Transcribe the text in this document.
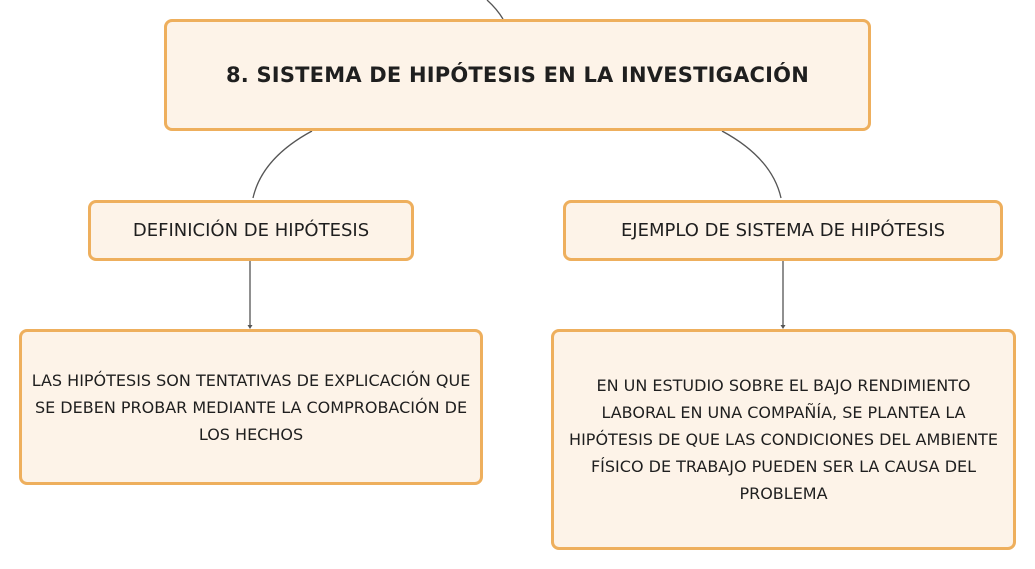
8. SISTEMA DE HIPÓTESIS EN LA INVESTIGACIÓN
DEFINICIÓN DE HIPÓTESIS	EJEMPLO DE SISTEMA DE HIPÓTESIS
LAS HIPÓTESIS SON TENTATIVAS DE EXPLICACIÓN QUE SE DEBEN PROBAR MEDIANTE LA COMPROBACIÓN DE LOS HECHOS
EN UN ESTUDIO SOBRE EL BAJO RENDIMIENTO LABORAL EN UNA COMPAÑÍA, SE PLANTEA LA HIPÓTESIS DE QUE LAS CONDICIONES DEL AMBIENTE FÍSICO DE TRABAJO PUEDEN SER LA CAUSA DEL PROBLEMA
